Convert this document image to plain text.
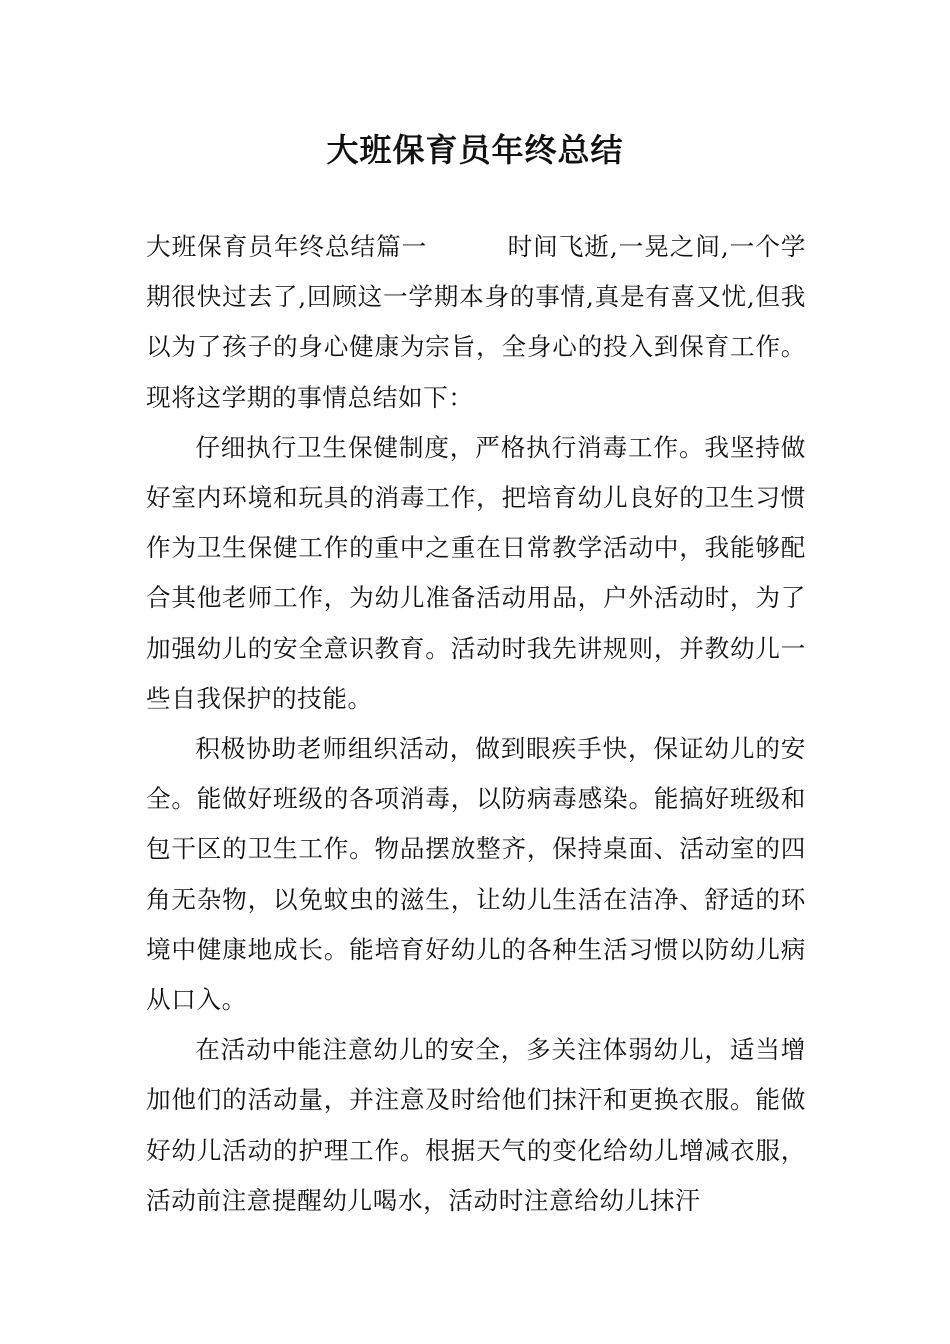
大班保育员年终总结

大班保育员年终总结篇一	时间飞逝,一晃之间,一个学期很快过去了,回顾这一学期本身的事情,真是有喜又忧,但我以为了孩子的身心健康为宗旨，全身心的投入到保育工作。现将这学期的事情总结如下：

仔细执行卫生保健制度，严格执行消毒工作。我坚持做好室内环境和玩具的消毒工作，把培育幼儿良好的卫生习惯作为卫生保健工作的重中之重在日常教学活动中，我能够配合其他老师工作，为幼儿准备活动用品，户外活动时，为了加强幼儿的安全意识教育。活动时我先讲规则，并教幼儿一些自我保护的技能。

积极协助老师组织活动，做到眼疾手快，保证幼儿的安全。能做好班级的各项消毒，以防病毒感染。能搞好班级和包干区的卫生工作。物品摆放整齐，保持桌面、活动室的四角无杂物，以免蚊虫的滋生，让幼儿生活在洁净、舒适的环境中健康地成长。能培育好幼儿的各种生活习惯以防幼儿病从口入。

在活动中能注意幼儿的安全，多关注体弱幼儿，适当增加他们的活动量，并注意及时给他们抹汗和更换衣服。能做好幼儿活动的护理工作。根据天气的变化给幼儿增减衣服，活动前注意提醒幼儿喝水，活动时注意给幼儿抹汗
